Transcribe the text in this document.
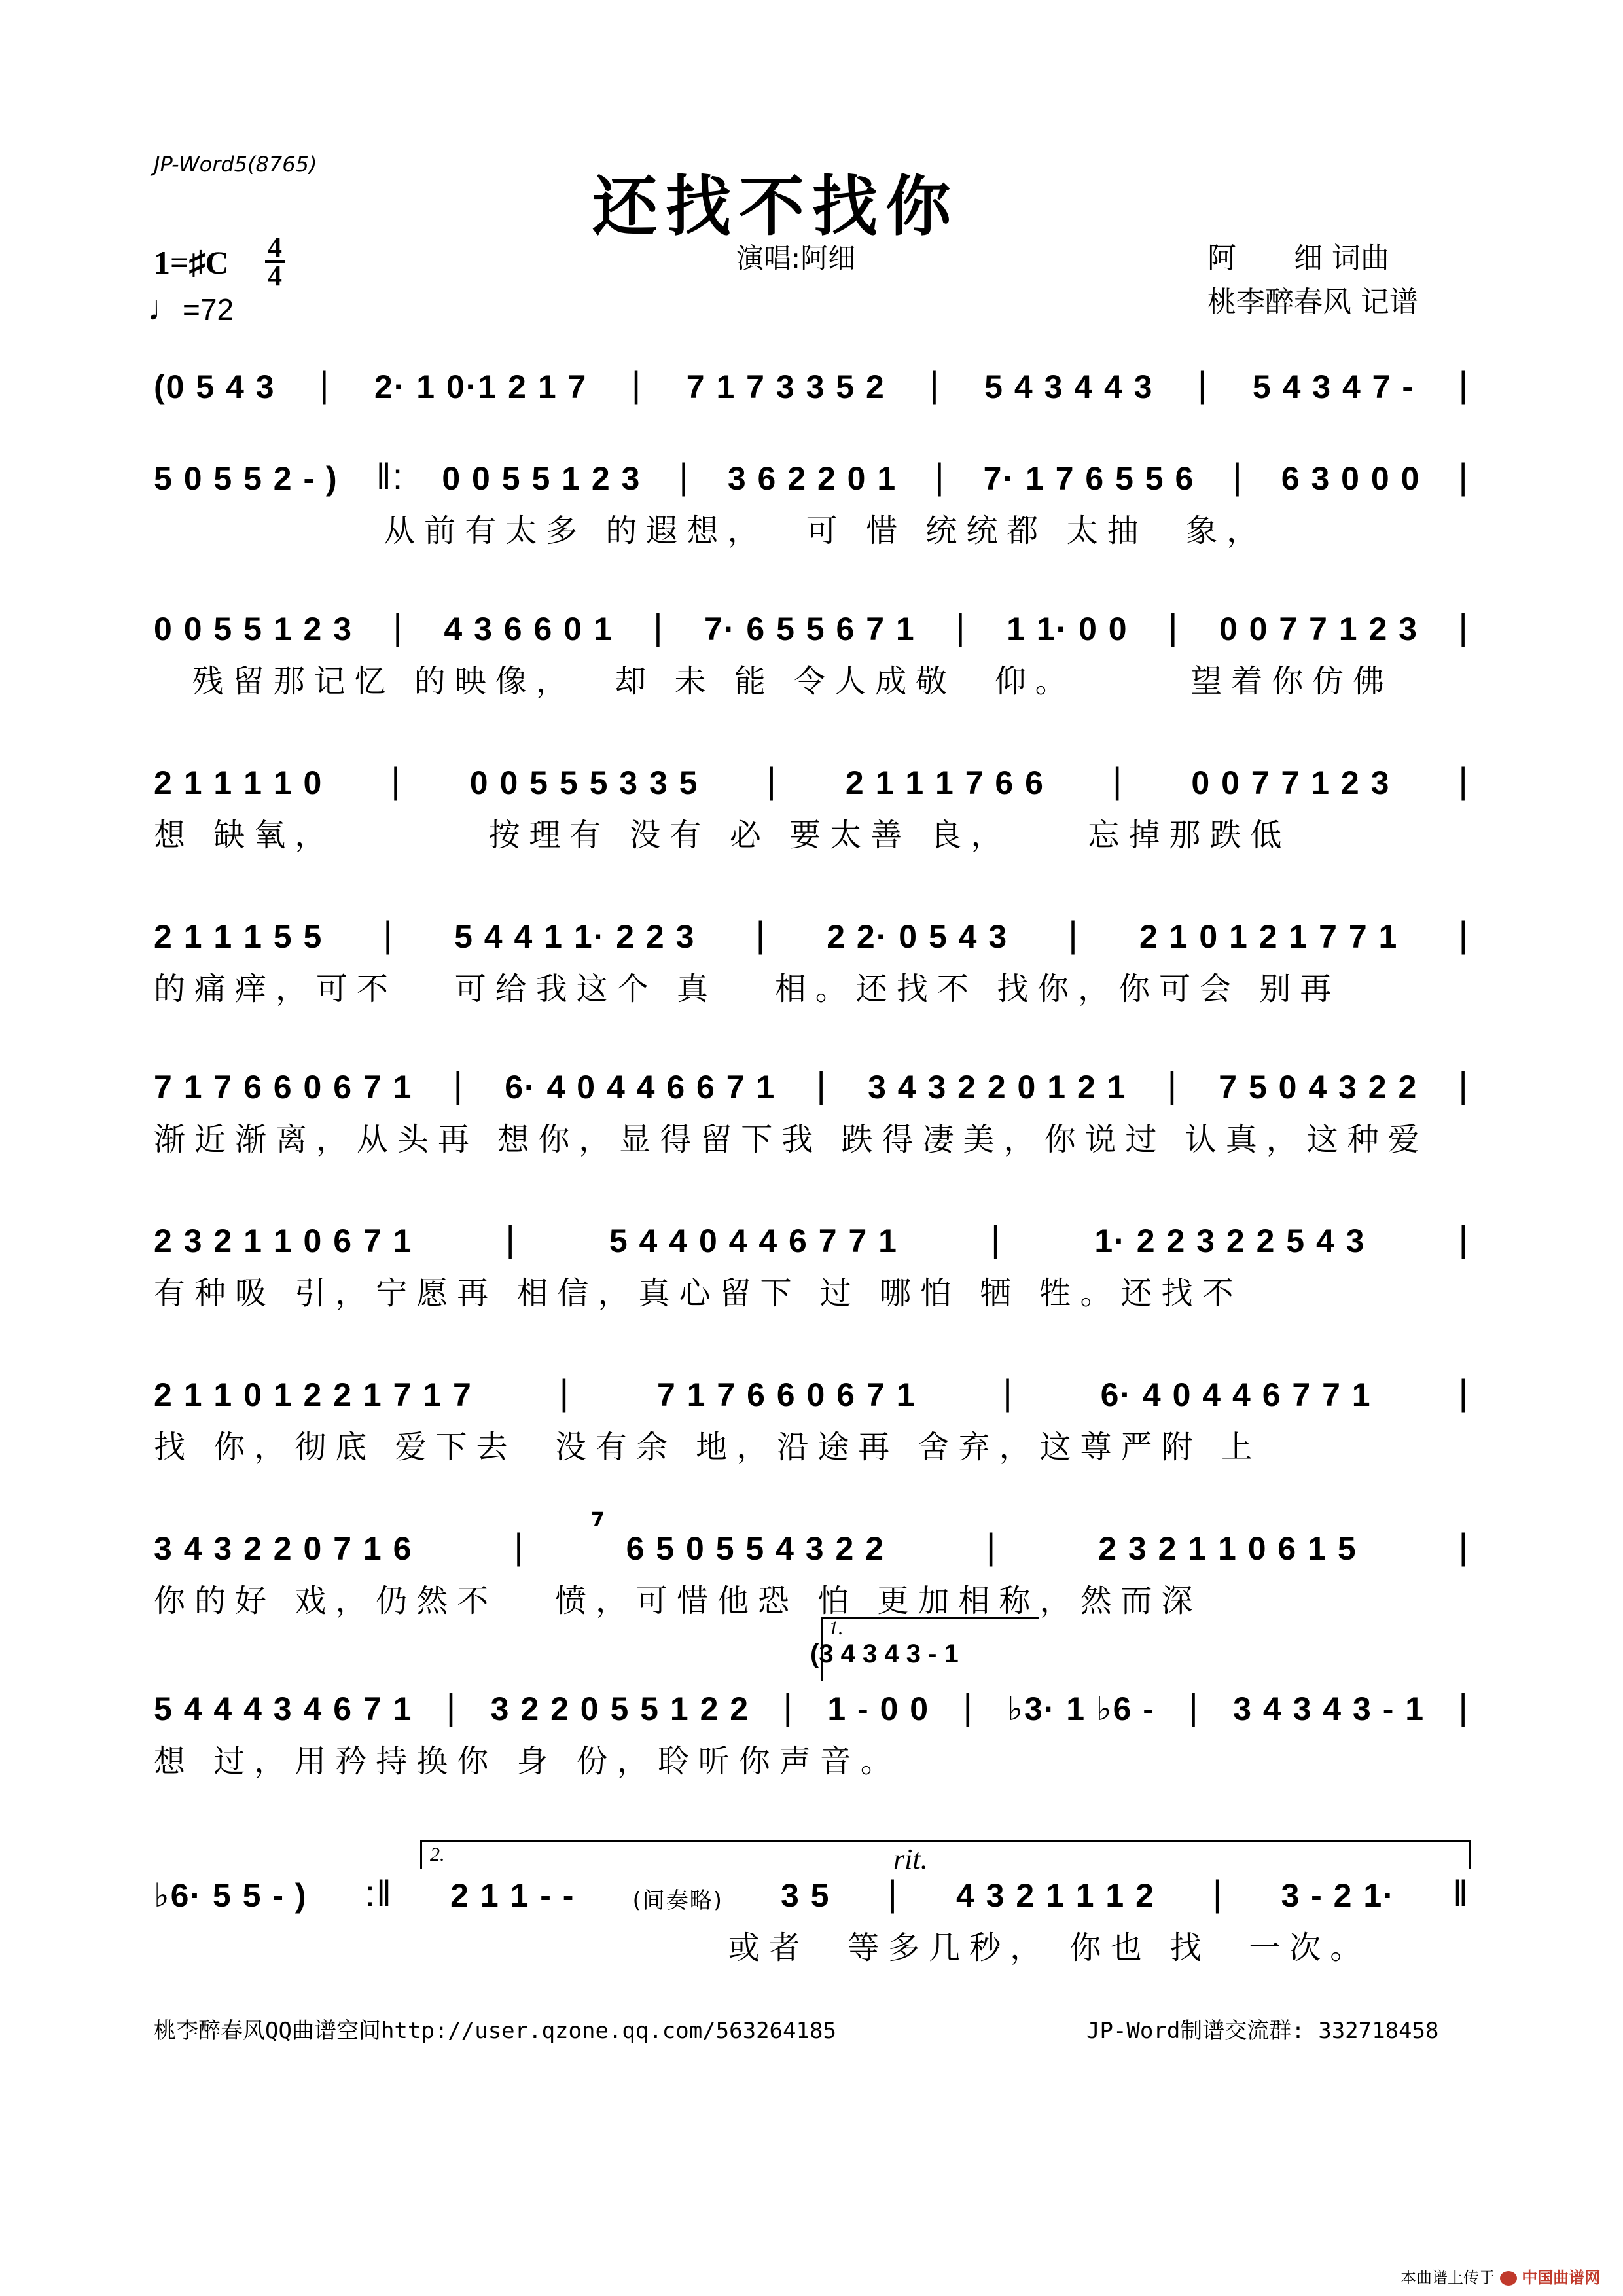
JP-Word5(8765)
还找不找你
1=♯C 4
4
♩=72
演唱:阿细	阿　　细 词曲
桃李醉春风 记谱
(0 5 4 3 | 2· 1 0·1 2 1 7 | 7 1 7 3 3 5 2 | 5 4 3 4 4 3 | 5 4 3 4 7 - |
5 0 5 5 2 - ) ‖: 0 0 5 5 1 2 3 | 3 6 2 2 0 1 | 7· 1 7 6 5 5 6 | 6 3 0 0 0 |
从前有太多 的遐想，  可 惜 统统都 太抽  象，
0 0 5 5 1 2 3 | 4 3 6 6 0 1 | 7· 6 5 5 6 7 1 | 1 1· 0 0 | 0 0 7 7 1 2 3 |
残留那记忆 的映像，  却 未 能 令人成敬  仰。      望着你仿佛
2 1 1 1 1 0 | 0 0 5 5 5 3 3 5 | 2 1 1 1 7 6 6 | 0 0 7 7 1 2 3 |
想 缺氧，        按理有 没有 必 要太善 良，    忘掉那跌低
2 1 1 1 5 5 | 5 4 4 1 1· 2 2 3 | 2 2· 0 5 4 3 | 2 1 0 1 2 1 7 7 1 |
的痛痒，可不   可给我这个 真   相。还找不 找你，你可会 别再
7 1 7 6 6 0 6 7 1 | 6· 4 0 4 4 6 6 7 1 | 3 4 3 2 2 0 1 2 1 | 7 5 0 4 3 2 2 |
渐近渐离，从头再 想你，显得留下我 跌得凄美，你说过 认真，这种爱
2 3 2 1 1 0 6 7 1	|	5 4 4 0 4 4 6 7 7 1	|	1· 2 2 3 2 2 5 4 3	|
有种吸 引，宁愿再 相信，真心留下 过 哪怕 牺 牲。还找不
2 1 1 0 1 2 2 1 7 1 7 |	7 1 7 6 6 0 6 7 1 |	6· 4 0 4 4 6 7 7 1 |
找 你，彻底 爱下去  没有余 地，沿途再 舍弃，这尊严附 上
7
3 4 3 2 2 0 7 1 6	|	6 5 0 5 5 4 3 2 2	|	2 3 2 1 1 0 6 1 5	|
你的好 戏，仍然不   愤，可惜他恐 怕 更加相称，然而深
1.
(3 4 3 4 3 - 1
5 4 4 4 3 4 6 7 1 | 3 2 2 0 5 5 1 2 2 | 1 - 0 0 | ♭3· 1 ♭6 - | 3 4 3 4 3 - 1 |
想 过，用矜持换你 身 份，聆听你声音。
2.	rit.
♭6· 5 5 - ) :‖ 2 1 1 - -	(间奏略) 3 5 | 4 3 2 1 1 1 2 | 3 - 2 1· ‖
或者  等多几秒， 你也 找  一次。
桃李醉春风QQ曲谱空间http://user.qzone.qq.com/563264185	JP-Word制谱交流群: 332718458
本曲谱上传于 中国曲谱网
